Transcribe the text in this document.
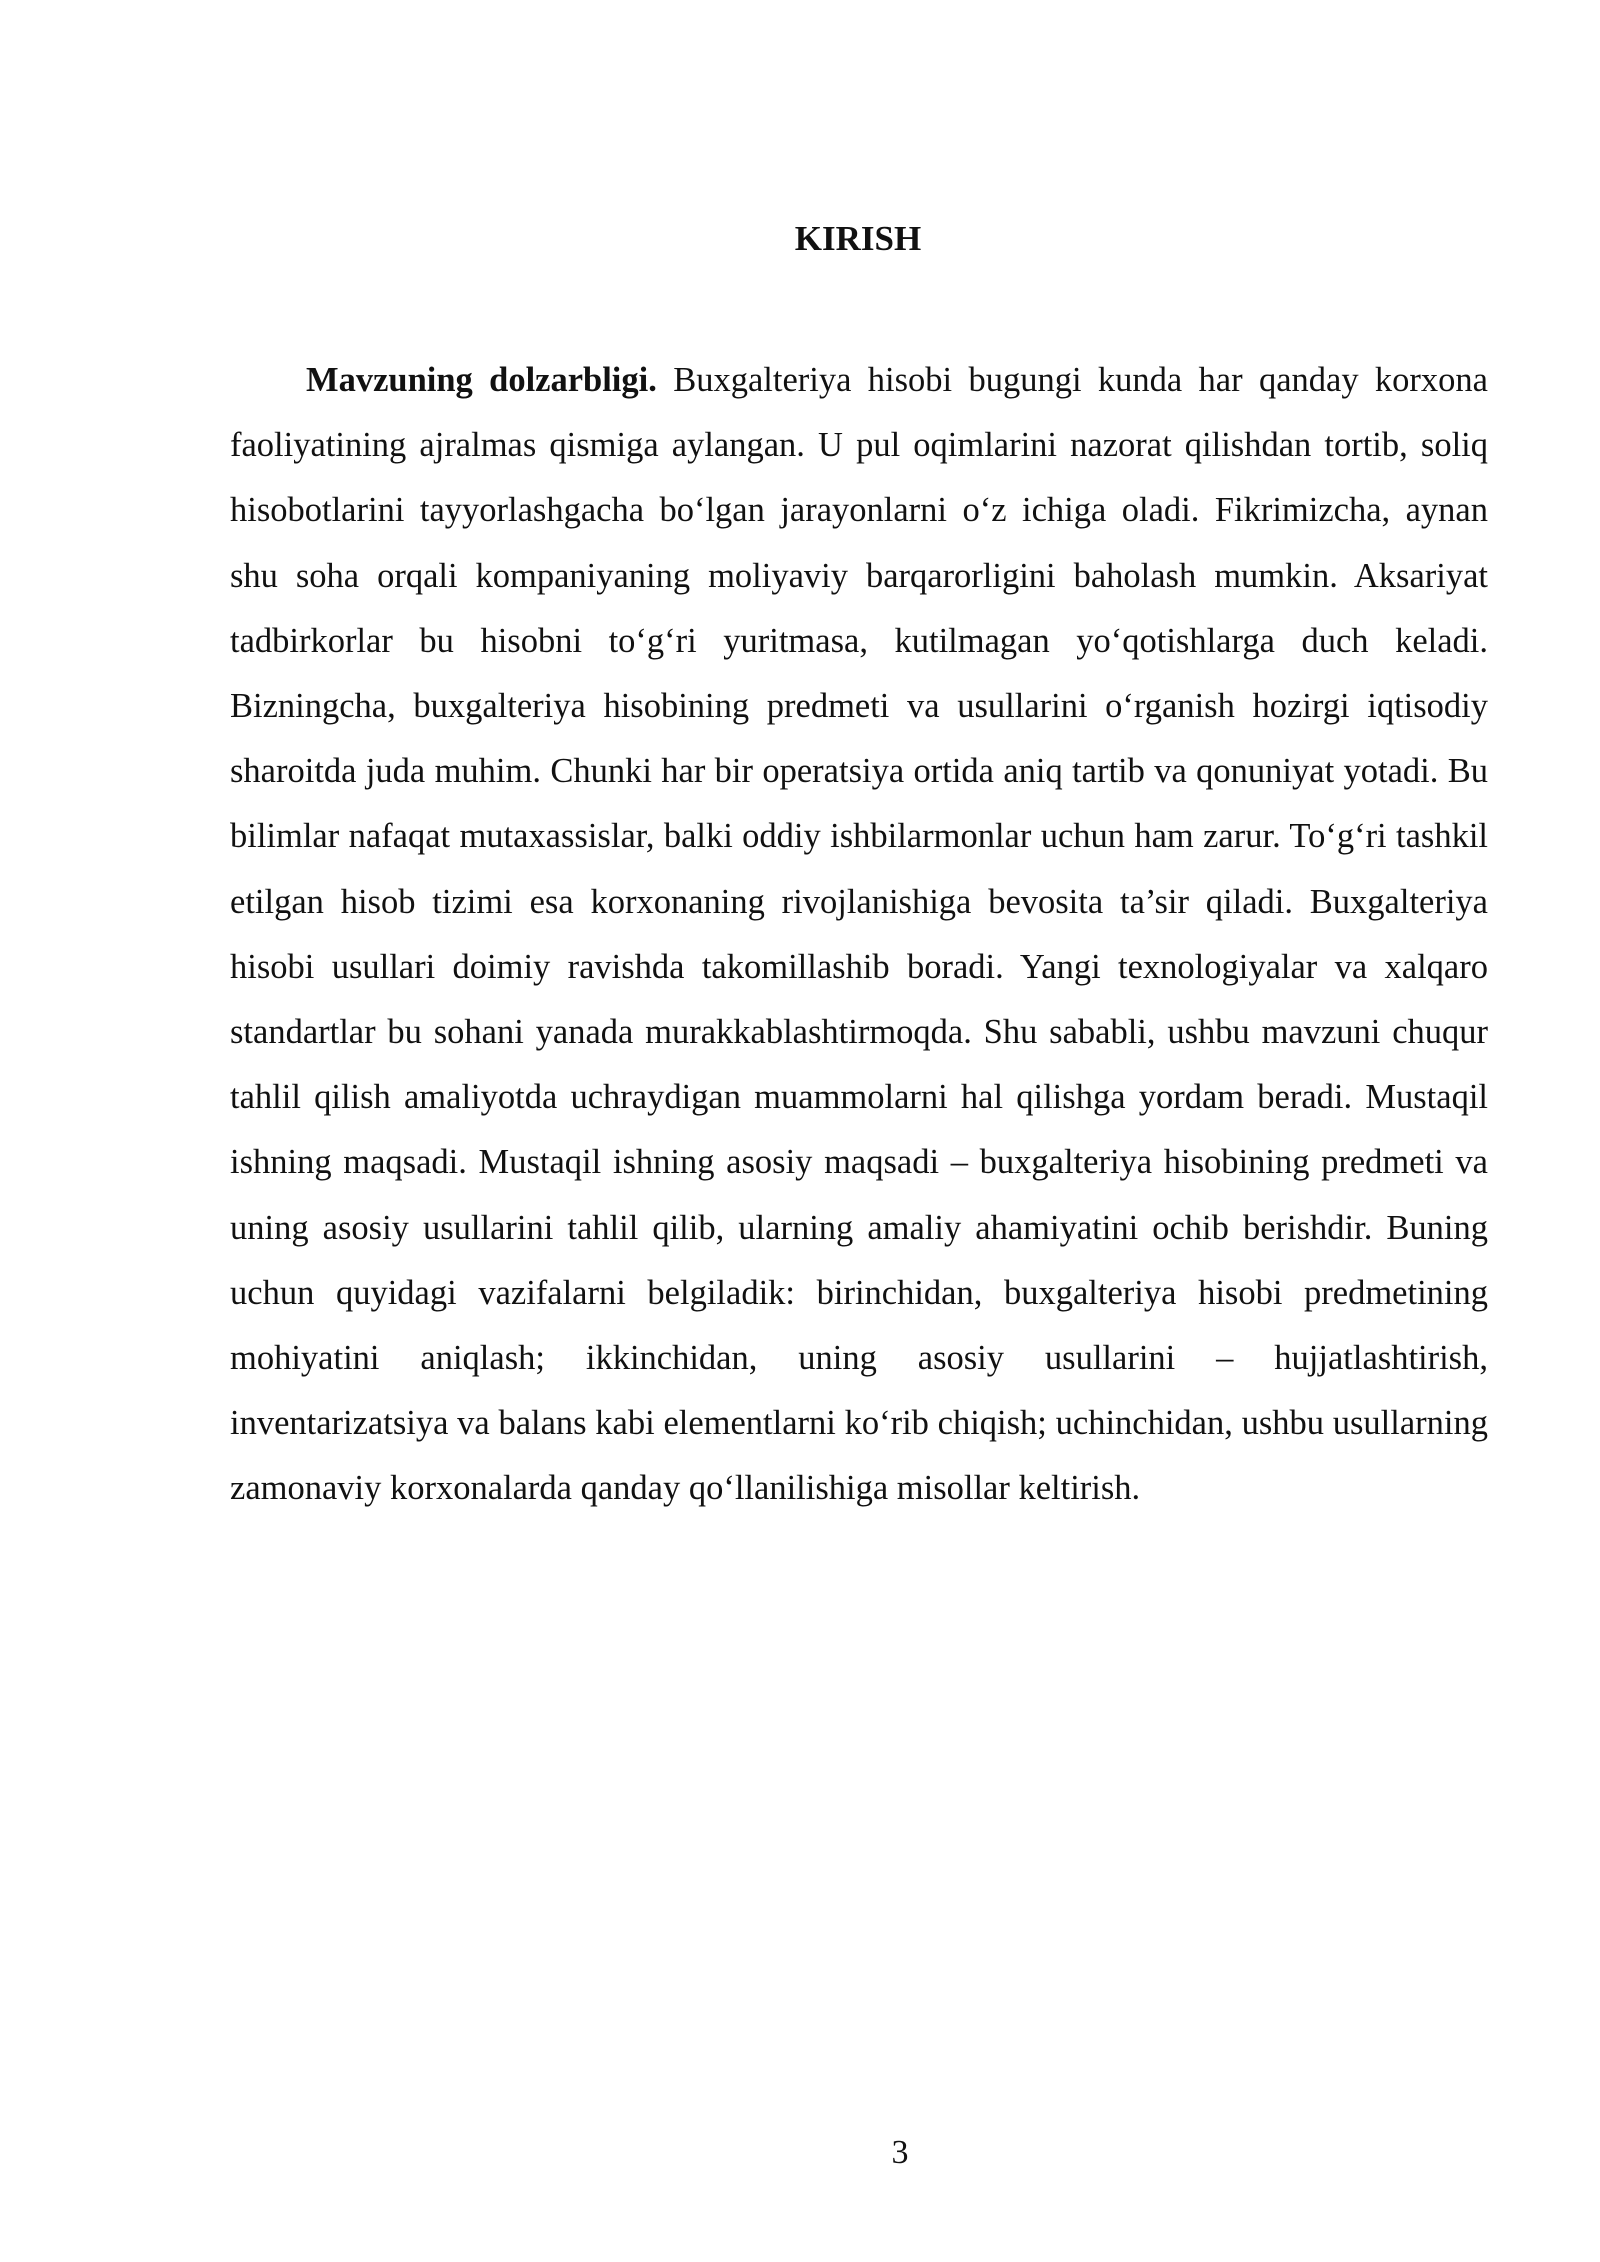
KIRISH

Mavzuning dolzarbligi. Buxgalteriya hisobi bugungi kunda har qanday korxona faoliyatining ajralmas qismiga aylangan. U pul oqimlarini nazorat qilishdan tortib, soliq hisobotlarini tayyorlashgacha bo‘lgan jarayonlarni o‘z ichiga oladi. Fikrimizcha, aynan shu soha orqali kompaniyaning moliyaviy barqarorligini baholash mumkin. Aksariyat tadbirkorlar bu hisobni to‘g‘ri yuritmasa, kutilmagan yo‘qotishlarga duch keladi. Bizningcha, buxgalteriya hisobining predmeti va usullarini o‘rganish hozirgi iqtisodiy sharoitda juda muhim. Chunki har bir operatsiya ortida aniq tartib va qonuniyat yotadi. Bu bilimlar nafaqat mutaxassislar, balki oddiy ishbilarmonlar uchun ham zarur. To‘g‘ri tashkil etilgan hisob tizimi esa korxonaning rivojlanishiga bevosita ta’sir qiladi. Buxgalteriya hisobi usullari doimiy ravishda takomillashib boradi. Yangi texnologiyalar va xalqaro standartlar bu sohani yanada murakkablashtirmoqda. Shu sababli, ushbu mavzuni chuqur tahlil qilish amaliyotda uchraydigan muammolarni hal qilishga yordam beradi. Mustaqil ishning maqsadi. Mustaqil ishning asosiy maqsadi – buxgalteriya hisobining predmeti va uning asosiy usullarini tahlil qilib, ularning amaliy ahamiyatini ochib berishdir. Buning uchun quyidagi vazifalarni belgiladik: birinchidan, buxgalteriya hisobi predmetining mohiyatini aniqlash; ikkinchidan, uning asosiy usullarini – hujjatlashtirish, inventarizatsiya va balans kabi elementlarni ko‘rib chiqish; uchinchidan, ushbu usullarning zamonaviy korxonalarda qanday qo‘llanilishiga misollar keltirish.

3
